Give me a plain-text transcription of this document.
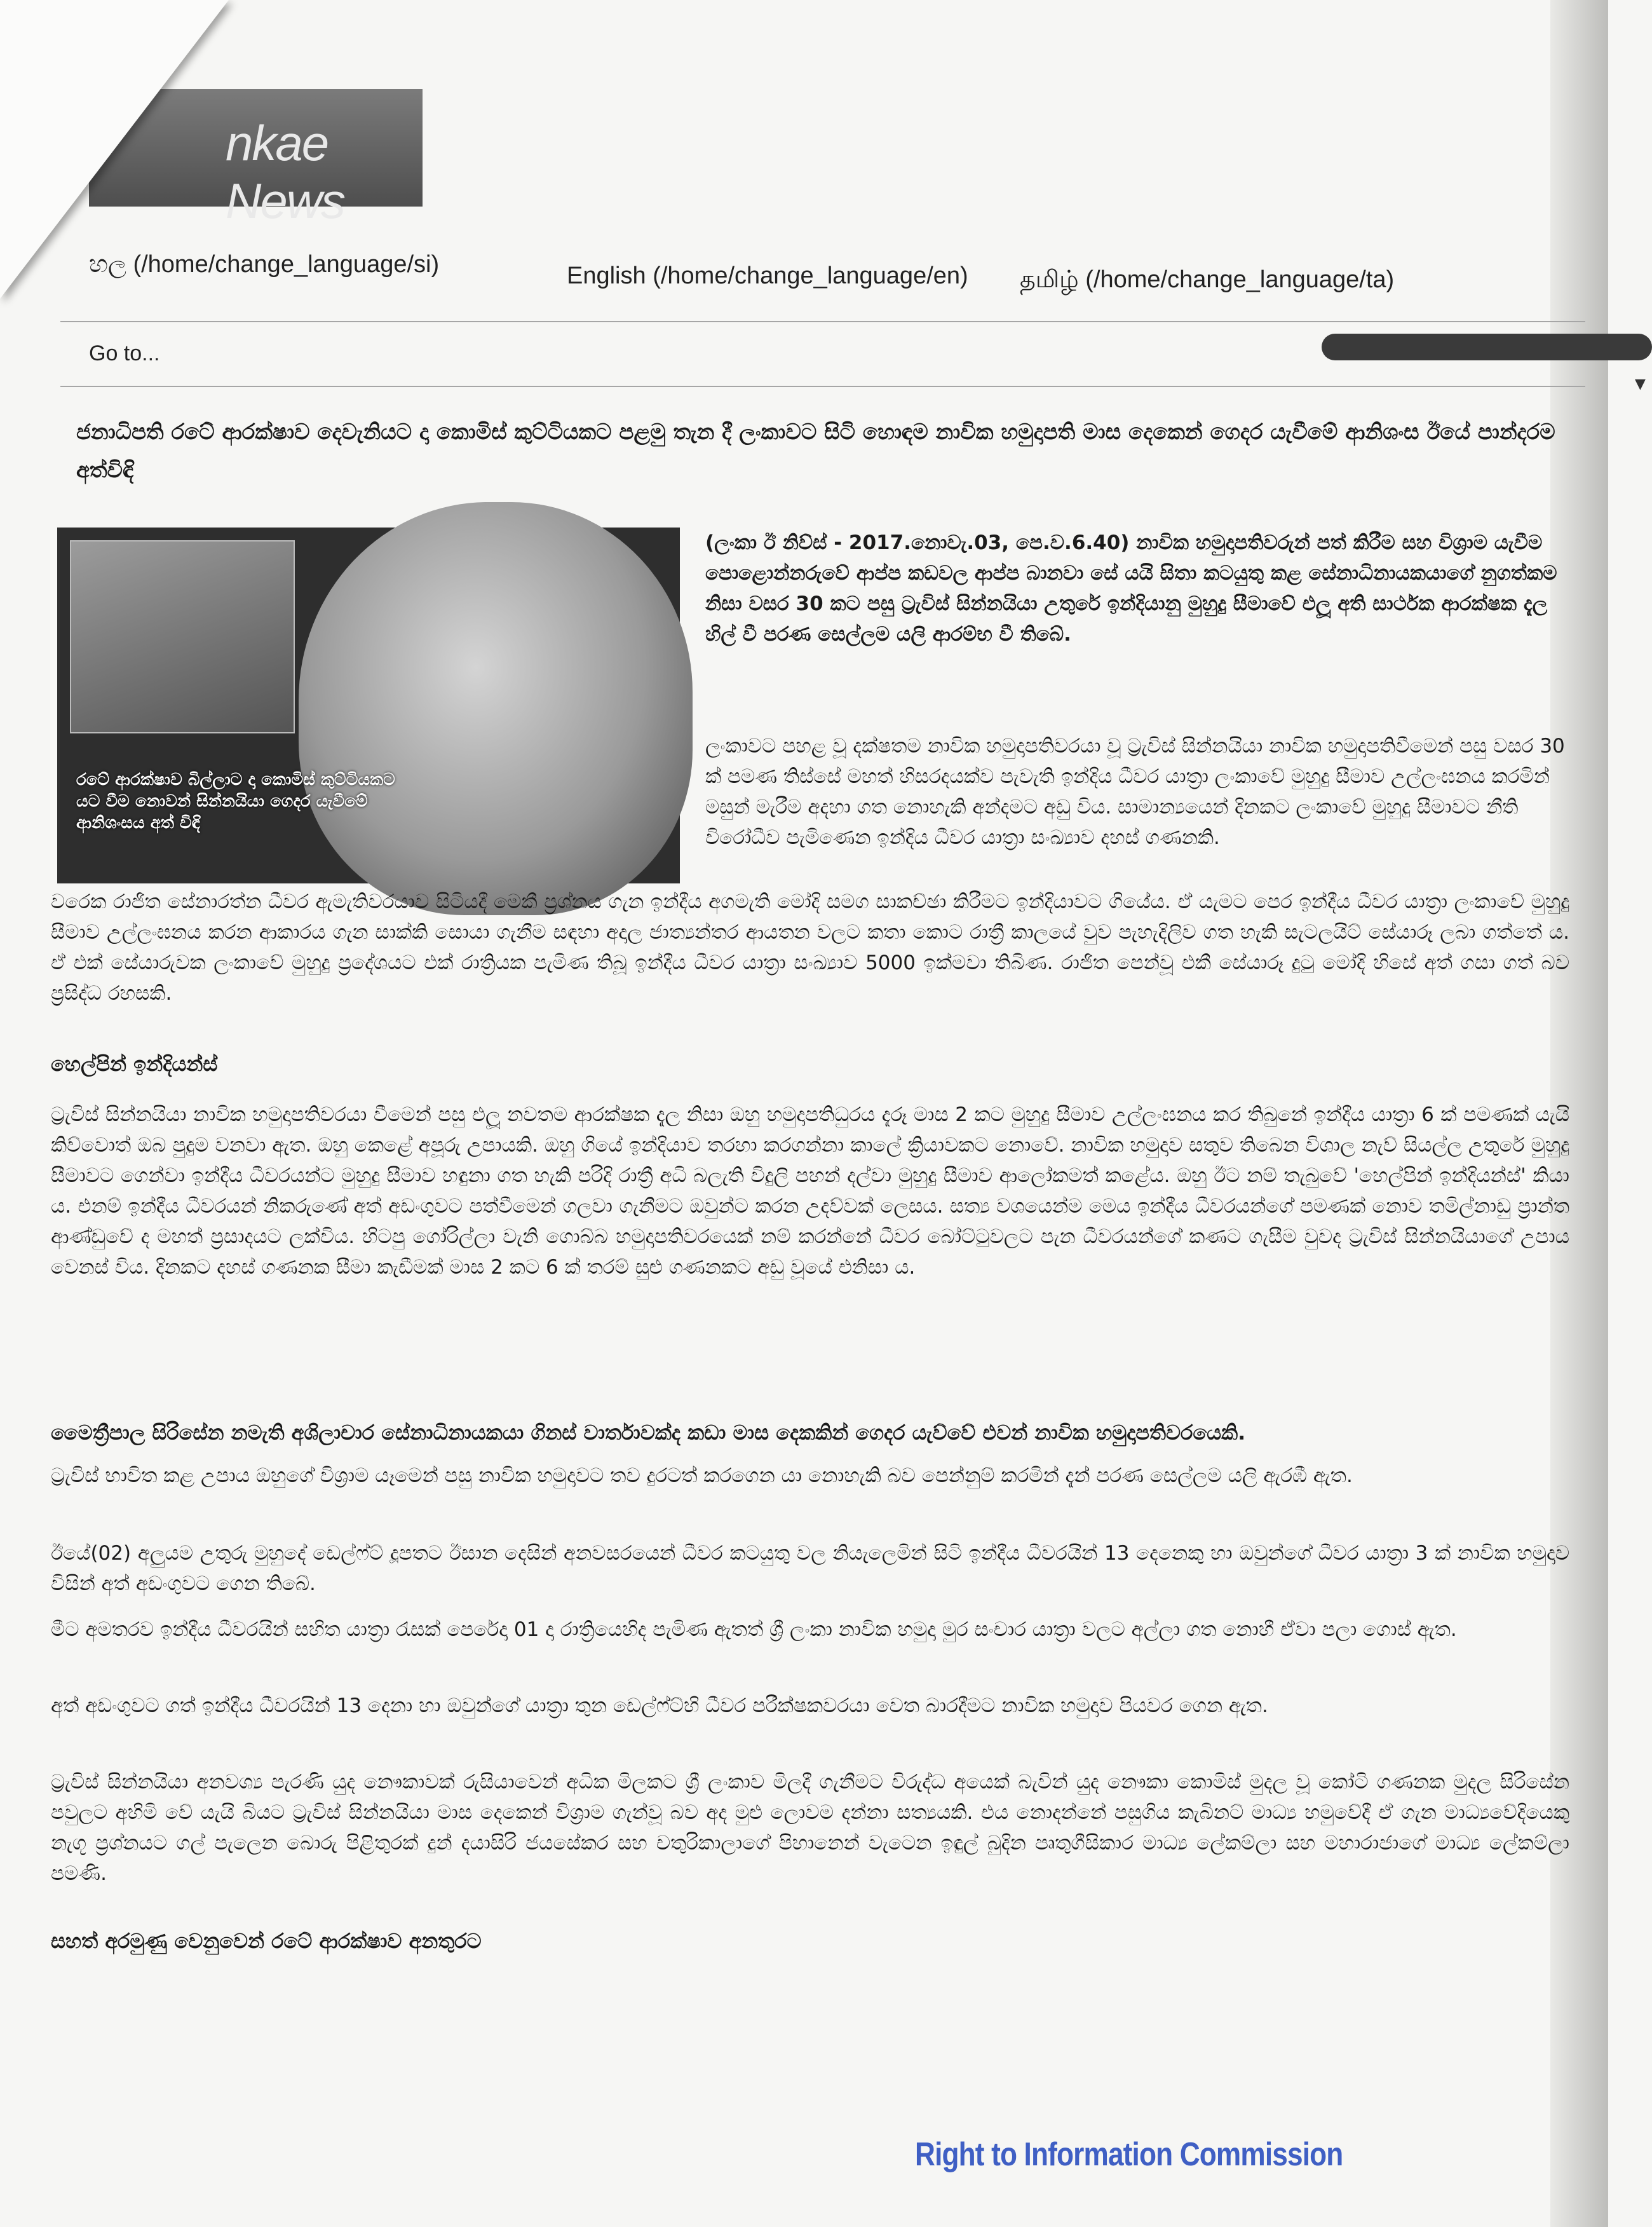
nkae News
හල (/home/change_language/si)	English (/home/change_language/en) தமிழ் (/home/change_language/ta)
Go to...
▼
ජනාධිපති රටේ ආරක්ෂාව දෙවැනියට දා කොමිස් කුට්ටියකට පළමු තැන දී ලංකාවට සිටි හොඳම නාවික හමුදාපති මාස දෙකෙන් ගෙදර යැවීමේ ආනිශංස ඊයේ පාන්දරම අත්විඳි
රටේ ආරක්ෂාව බිල්ලාට දා කොමිස් කුට්ටියකට යට වීම නොවන් සින්නයියා ගෙදර යැවීමේ ආනිශංසය අත් විඳි
(ලංකා ඊ නිව්ස් - 2017.නොවැ.03, පෙ.ව.6.40) නාවික හමුදාපතිවරුන් පත් කිරීම සහ විශ්‍රාම යැවීම පොළොන්නරුවේ ආප්ප කඩවල ආප්ප බානවා සේ යයි සිතා කටයුතු කළ සේනාධිනායකයාගේ නුගත්කම නිසා වසර 30 කට පසු ට්‍රැවිස් සින්නයියා උතුරේ ඉන්දියානු මුහුදු සීමාවේ එලූ අති සාර්ථක ආරක්ෂක දැල හිල් වී පරණ සෙල්ලම යලි ආරම්භ වී තිබේ.
ලංකාවට පහළ වූ දක්ෂතම නාවික හමුදාපතිවරයා වූ ට්‍රැවිස් සින්නයියා නාවික හමුදාපතිවීමෙන් පසු වසර 30 ක් පමණ තිස්සේ මහත් හිසරදයක්ව පැවැති ඉන්දිය ධීවර යාත්‍රා ලංකාවේ මුහුදු සීමාව උල්ලංඝනය කරමින් මසුන් මැරීම අදහා ගත නොහැකි අන්දමට අඩු විය. සාමාන්‍යයෙන් දිනකට ලංකාවේ මුහුදු සීමාවට නීති විරෝධීව පැමිණෙන ඉන්දිය ධීවර යාත්‍රා සංඛ්‍යාව දහස් ගණනකි.
වරෙක රාජිත සේනාරත්න ධීවර ඇමැතිවරයාව සිටියදී මෙකී ප්‍රශ්නය ගැන ඉන්දීය අගමැති මෝදි සමග සාකච්ඡා කිරීමට ඉන්දියාවට ගියේය. ඒ යැමට පෙර ඉන්දීය ධීවර යාත්‍රා ලංකාවේ මුහුදු සීමාව උල්ලංඝනය කරන ආකාරය ගැන සාක්කි සොයා ගැනීම සඳහා අදාල ජාත්‍යන්තර ආයතන වලට කතා කොට රාත්‍රී කාලයේ වුව පැහැදිලිව ගත හැකි සැටලයිට් සේයාරූ ලබා ගත්තේ ය. ඒ එක් සේයාරුවක ලංකාවේ මුහුදු ප්‍රදේශයට එක් රාත්‍රියක පැමිණ තිබූ ඉන්දීය ධීවර යාත්‍රා සංඛ්‍යාව 5000 ඉක්මවා තිබිණ. රාජිත පෙන්වූ එකී සේයාරූ දුටු මෝදි හිසේ අත් ගසා ගත් බව ප්‍රසිද්ධ රහසකි.
හෙල්පින් ඉන්දියන්ස්
ට්‍රැවිස් සින්නයියා නාවික හමුදාපතිවරයා වීමෙන් පසු එලූ නවතම ආරක්ෂක දැල නිසා ඔහු හමුදාපතිධුරය දැරූ මාස 2 කට මුහුදු සීමාව උල්ලංඝනය කර තිබුනේ ඉන්දීය යාත්‍රා 6 ක් පමණක් යැයි කිව්වොත් ඔබ පුදුම වනවා ඇත. ඔහු කෙළේ අපූරු උපායකි. ඔහු ගියේ ඉන්දියාව තරහා කරගන්නා කාලේ ක්‍රියාවකට නොවේ. නාවික හමුදාව සතුව තිබෙන විශාල නැව් සියල්ල උතුරේ මුහුදු සීමාවට ගෙන්වා ඉන්දීය ධීවරයන්ට මුහුදු සීමාව හඳුනා ගත හැකි පරිදි රාත්‍රී අධි බලැති විදුලි පහන් දල්වා මුහුදු සීමාව ආලෝකමත් කළේය. ඔහු ඊට නම් තැබුවේ 'හෙල්පින් ඉන්දියන්ස්' කියා ය. එනම් ඉන්දීය ධීවරයන් නිකරුණේ අත් අඩංගුවට පත්වීමෙන් ගලවා ගැනීමට ඔවුන්ට කරන උදව්වක් ලෙසය. සත්‍ය වශයෙන්ම මෙය ඉන්දීය ධීවරයන්ගේ පමණක් නොව තමිල්නාඩු ප්‍රාන්ත ආණ්ඩුවේ ද මහත් ප්‍රසාදයට ලක්විය. හිටපු ගෝරිල්ලා වැනි ගොබ්බ හමුදාපතිවරයෙක් නම් කරන්නේ ධීවර බෝට්ටුවලට පැන ධීවරයන්ගේ කණට ගැසීම වුවද ට්‍රැවිස් සින්නයියාගේ උපාය වෙනස් විය. දිනකට දහස් ගණනක සීමා කැඩීමක් මාස 2 කට 6 ක් තරම් සුළු ගණනකට අඩු වූයේ එනිසා ය.
මෛත්‍රීපාල සිරිසේන නමැති අශිලාචාර සේනාධිනායකයා ගිනස් වාර්තාවක්ද කඩා මාස දෙකකින් ගෙදර යැව්වේ එවන් නාවික හමුදාපතිවරයෙකි.
ට්‍රැවිස් භාවිත කළ උපාය ඔහුගේ විශ්‍රාම යෑමෙන් පසු නාවික හමුදාවට තව දුරටත් කරගෙන යා නොහැකි බව පෙන්නුම් කරමින් දැන් පරණ සෙල්ලම යලි ඇරඹී ඇත.
ඊයේ(02) අලුයම උතුරු මුහුදේ ඩෙල්ෆ්ට් දූපතට ඊසාන දෙසින් අනවසරයෙන් ධීවර කටයුතු වල නියැලෙමින් සිටි ඉන්දීය ධීවරයින් 13 දෙනෙකු හා ඔවුන්ගේ ධීවර යාත්‍රා 3 ක් නාවික හමුදාව විසින් අත් අඩංගුවට ගෙන තිබේ.
මීට අමතරව ඉන්දීය ධීවරයින් සහිත යාත්‍රා රැසක් පෙරේදා 01 දා රාත්‍රියෙහිද පැමිණ ඇතත් ශ්‍රී ලංකා නාවික හමුදා මුර සංචාර යාත්‍රා වලට අල්ලා ගත නොහී ඒවා පලා ගොස් ඇත.
අත් අඩංගුවට ගත් ඉන්දීය ධීවරයින් 13 දෙනා හා ඔවුන්ගේ යාත්‍රා තුන ඩෙල්ෆ්ට්හි ධීවර පරීක්ෂකවරයා වෙත බාරදීමට නාවික හමුදාව පියවර ගෙන ඇත.
ට්‍රැවිස් සින්නයියා අනවශ්‍ය පැරණි යුද නෞකාවක් රුසියාවෙන් අධික මිලකට ශ්‍රී ලංකාව මිලදී ගැනීමට විරුද්ධ අයෙක් බැවින් යුද නෞකා කොමිස් මුදල වූ කෝටි ගණනක මුදල සිරිසේන පවුලට අහිමි වේ යැයි බියට ට්‍රැවිස් සින්නයියා මාස දෙකෙන් විශ්‍රාම ගැන්වූ බව අද මුළු ලොවම දන්නා සත්‍යයකි. එය නොදන්නේ පසුගිය කැබිනට් මාධ්‍ය හමුවේදී ඒ ගැන මාධ්‍යවේදියෙකු නැගූ ප්‍රශ්නයට ගල් පැලෙන බොරු පිළිතුරක් දුන් දයාසිරි ජයසේකර සහ චතුරිකාලාගේ පිහානෙන් වැටෙන ඉඳුල් බුදින පෘතුගීසිකාර මාධ්‍ය ලේකම්ලා සහ මහාරාජාගේ මාධ්‍ය ලේකම්ලා පමණි.
සහත් අරමුණු වෙනුවෙන් රටේ ආරක්ෂාව අනතුරට
Right to Information Commission
